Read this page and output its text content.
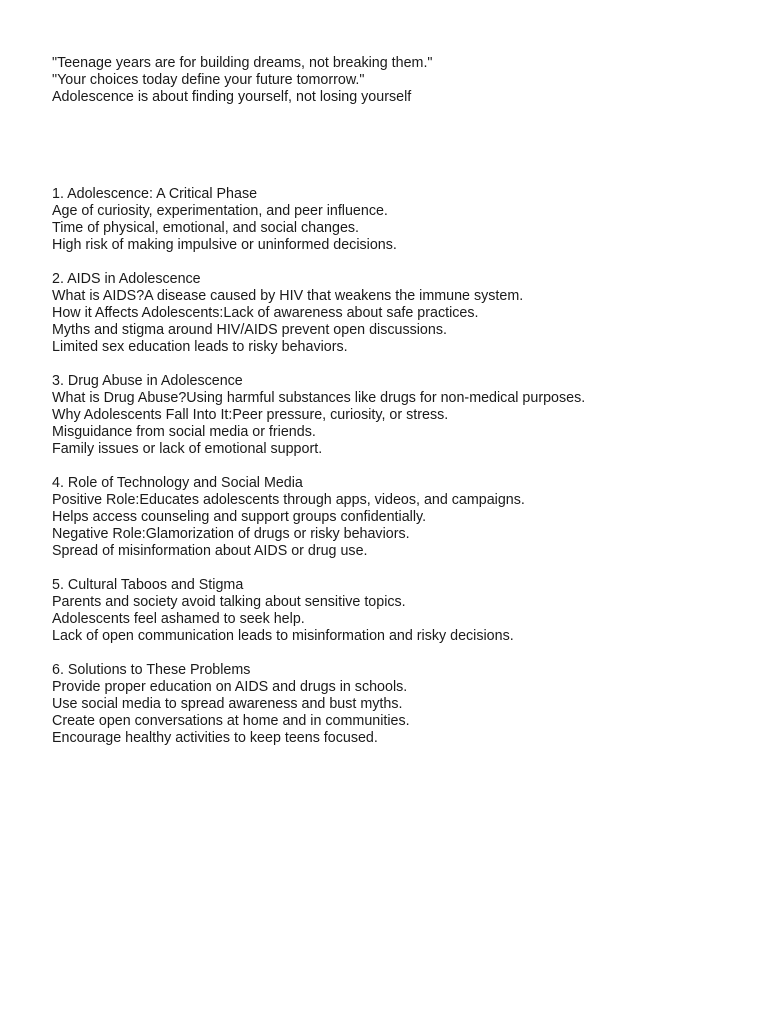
"Teenage years are for building dreams, not breaking them."

"Your choices today define your future tomorrow."

Adolescence is about finding yourself, not losing yourself

1. Adolescence: A Critical Phase

Age of curiosity, experimentation, and peer influence.

Time of physical, emotional, and social changes.

High risk of making impulsive or uninformed decisions.

2. AIDS in Adolescence

What is AIDS?A disease caused by HIV that weakens the immune system.

How it Affects Adolescents:Lack of awareness about safe practices.

Myths and stigma around HIV/AIDS prevent open discussions.

Limited sex education leads to risky behaviors.

3. Drug Abuse in Adolescence

What is Drug Abuse?Using harmful substances like drugs for non-medical purposes.

Why Adolescents Fall Into It:Peer pressure, curiosity, or stress.

Misguidance from social media or friends.

Family issues or lack of emotional support.

4. Role of Technology and Social Media

Positive Role:Educates adolescents through apps, videos, and campaigns.

Helps access counseling and support groups confidentially.

Negative Role:Glamorization of drugs or risky behaviors.

Spread of misinformation about AIDS or drug use.

5. Cultural Taboos and Stigma

Parents and society avoid talking about sensitive topics.

Adolescents feel ashamed to seek help.

Lack of open communication leads to misinformation and risky decisions.

6. Solutions to These Problems

Provide proper education on AIDS and drugs in schools.

Use social media to spread awareness and bust myths.

Create open conversations at home and in communities.

Encourage healthy activities to keep teens focused.
